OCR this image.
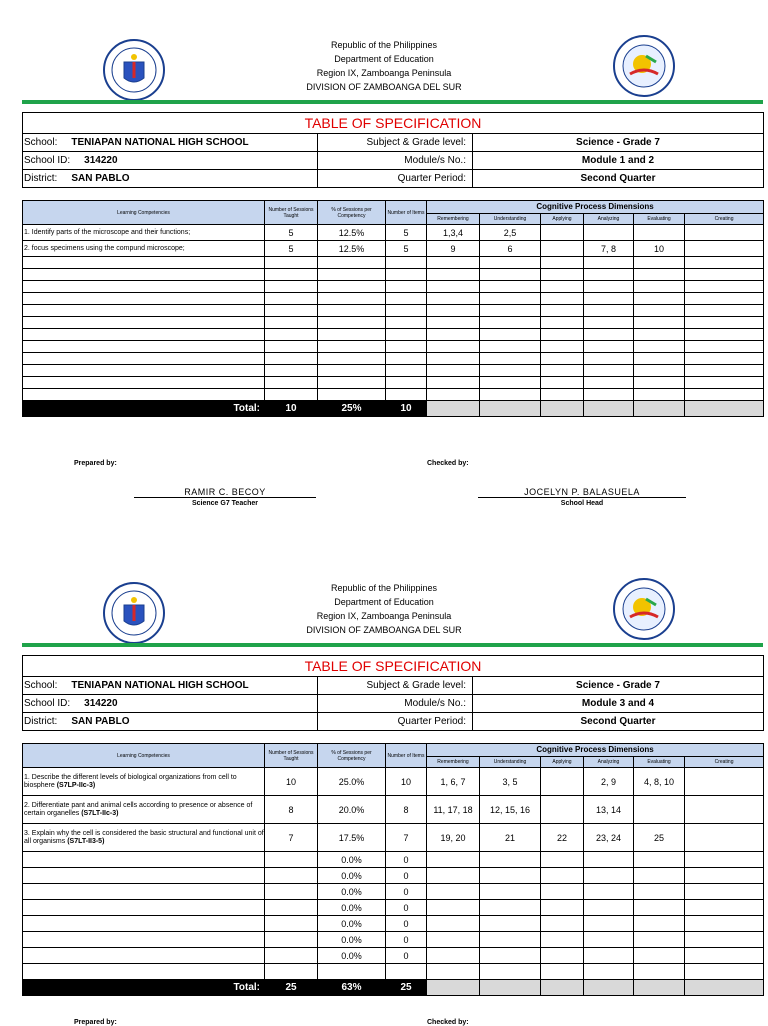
Republic of the Philippines
Department of Education
Region IX, Zamboanga Peninsula
DIVISION OF ZAMBOANGA DEL SUR
TABLE OF SPECIFICATION		
School: TENIAPAN NATIONAL HIGH SCHOOL	Subject & Grade level:	Science - Grade 7
School ID: 314220	Module/s No.:	Module 1 and 2
District: SAN PABLO	Quarter Period:	Second Quarter
Learning Competencies	Number of Sessions Taught	% of Sessions per Competency	Number of Items	Cognitive Process Dimensions					
				Remembering	Understanding	Applying	Analyzing	Evaluating	Creating
1. Identify parts of the microscope and their functions;	5	12.5%	5	1,3,4	2,5				
2. focus specimens using the compund microscope;	5	12.5%	5	9	6		7, 8	10	

Total:	10	25%	10						
Prepared by:	Checked by:
RAMIR C. BECOY
Science G7 Teacher
JOCELYN P. BALASUELA
School Head
Republic of the Philippines
Department of Education
Region IX, Zamboanga Peninsula
DIVISION OF ZAMBOANGA DEL SUR
TABLE OF SPECIFICATION		
School: TENIAPAN NATIONAL HIGH SCHOOL	Subject & Grade level:	Science - Grade 7
School ID: 314220	Module/s No.:	Module 3 and 4
District: SAN PABLO	Quarter Period:	Second Quarter
Learning Competencies	Number of Sessions Taught	% of Sessions per Competency	Number of Items	Cognitive Process Dimensions					
				Remembering	Understanding	Applying	Analyzing	Evaluating	Creating
1. Describe the different levels of biological organizations from cell to biosphere (S7LP-IIc-3)	10	25.0%	10	1, 6, 7	3, 5		2, 9	4, 8, 10	
2. Differentiate pant and animal cells according to presence or absence of certain organelles (S7LT-IIc-3)	8	20.0%	8	11, 17, 18	12, 15, 16		13, 14		
3. Explain why the cell is considered the basic structural and functional unit of all organisms (S7LT-II3-5)	7	17.5%	7	19, 20	21	22	23, 24	25	
		0.0%	0						
		0.0%	0						
		0.0%	0						
		0.0%	0						
		0.0%	0						
		0.0%	0						
		0.0%	0						

Total:	25	63%	25						
Prepared by:	Checked by:
